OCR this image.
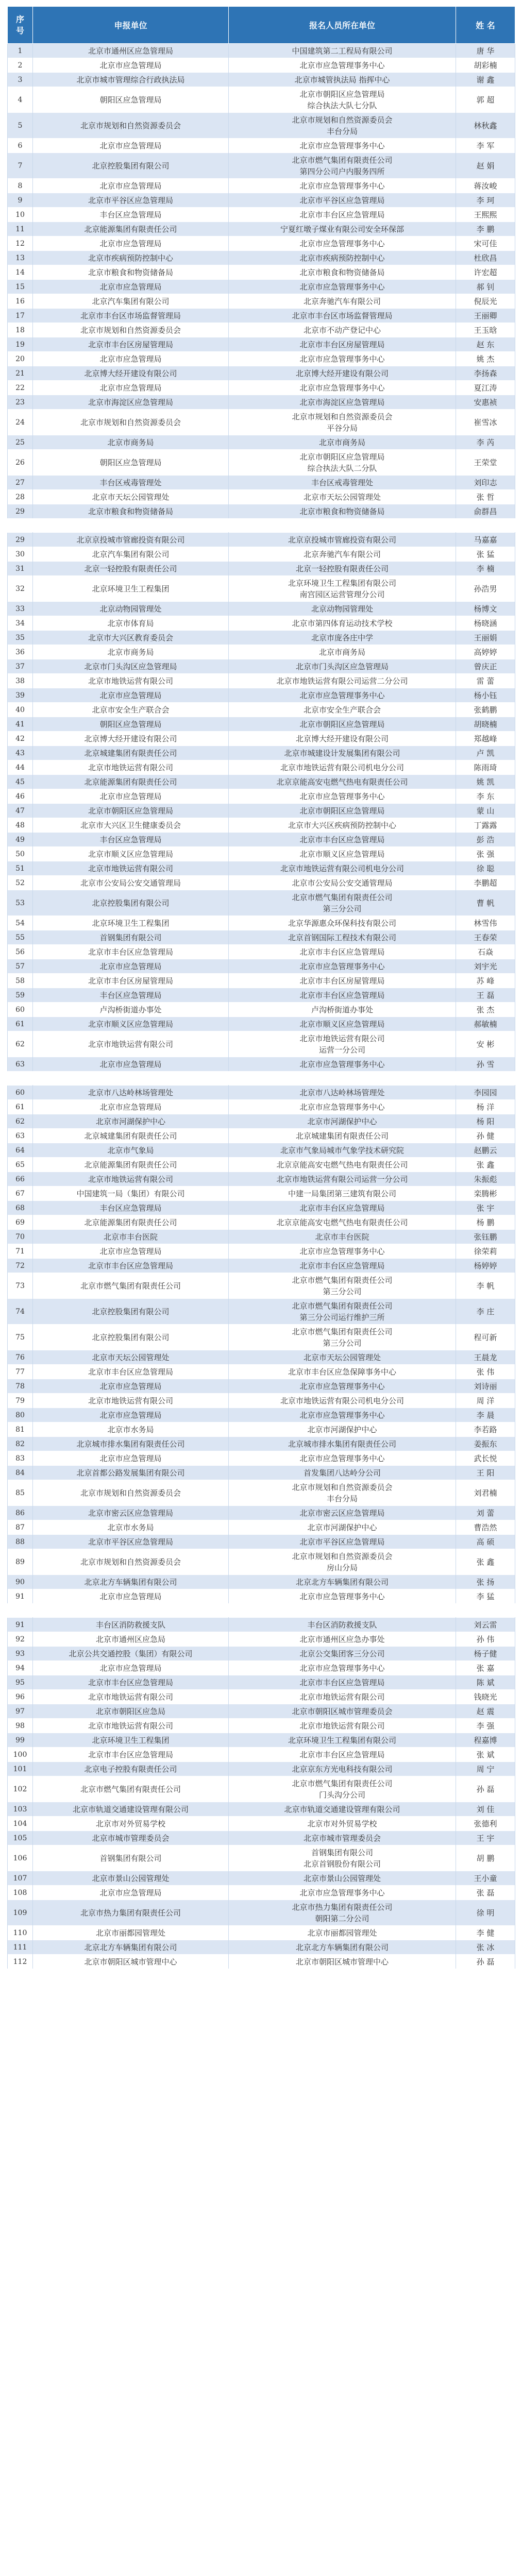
序号	申报单位	报名人员所在单位	姓 名
1	北京市通州区应急管理局	中国建筑第二工程局有限公司	唐 华
2	北京市应急管理局	北京市应急管理事务中心	胡彩楠
3	北京市城市管理综合行政执法局	北京市城管执法局 指挥中心	谢 鑫
4	朝阳区应急管理局	北京市朝阳区应急管理局
综合执法大队七分队	郭 超
5	北京市规划和自然资源委员会	北京市规划和自然资源委员会
丰台分局	林秋鑫
6	北京市应急管理局	北京市应急管理事务中心	李 军
7	北京控股集团有限公司	北京市燃气集团有限责任公司
第四分公司户内服务四所	赵 娟
8	北京市应急管理局	北京市应急管理事务中心	蒋汝峻
9	北京市平谷区应急管理局	北京市平谷区应急管理局	李 珂
10	丰台区应急管理局	北京市丰台区应急管理局	王熙熙
11	北京能源集团有限责任公司	宁夏红墩子煤业有限公司安全环保部	李 鹏
12	北京市应急管理局	北京市应急管理事务中心	宋可佳
13	北京市疾病预防控制中心	北京市疾病预防控制中心	杜欣昌
14	北京市粮食和物资储备局	北京市粮食和物资储备局	许宏超
15	北京市应急管理局	北京市应急管理事务中心	郝 钊
16	北京汽车集团有限公司	北京奔驰汽车有限公司	倪辰光
17	北京市丰台区市场监督管理局	北京市丰台区市场监督管理局	王丽卿
18	北京市规划和自然资源委员会	北京市不动产登记中心	王玉晗
19	北京市丰台区房屋管理局	北京市丰台区房屋管理局	赵 东
20	北京市应急管理局	北京市应急管理事务中心	姚 杰
21	北京博大经开建设有限公司	北京博大经开建设有限公司	李扬森
22	北京市应急管理局	北京市应急管理事务中心	夏江涛
23	北京市海淀区应急管理局	北京市海淀区应急管理局	安惠祯
24	北京市规划和自然资源委员会	北京市规划和自然资源委员会
平谷分局	崔雪冰
25	北京市商务局	北京市商务局	李 芮
26	朝阳区应急管理局	北京市朝阳区应急管理局
综合执法大队二分队	王荣堂
27	丰台区戒毒管理处	丰台区戒毒管理处	刘印志
28	北京市天坛公园管理处	北京市天坛公园管理处	张 哲
29	北京市粮食和物资储备局	北京市粮食和物资储备局	俞群昌

29	北京京投城市管廊投资有限公司	北京京投城市管廊投资有限公司	马嘉嘉
30	北京汽车集团有限公司	北京奔驰汽车有限公司	张 猛
31	北京一轻控股有限责任公司	北京一轻控股有限责任公司	李 楠
32	北京环境卫生工程集团	北京环境卫生工程集团有限公司
南宫园区运营管理分公司	孙浩男
33	北京动物园管理处	北京动物园管理处	杨博文
34	北京市体育局	北京市第四体育运动技术学校	杨晓涵
35	北京市大兴区教育委员会	北京市庞各庄中学	王丽娟
36	北京市商务局	北京市商务局	高婷婷
37	北京市门头沟区应急管理局	北京市门头沟区应急管理局	曾庆正
38	北京市地铁运营有限公司	北京市地铁运营有限公司运营二分公司	雷 蕾
39	北京市应急管理局	北京市应急管理事务中心	杨小钰
40	北京市安全生产联合会	北京市安全生产联合会	张鹤鹏
41	朝阳区应急管理局	北京市朝阳区应急管理局	胡晓楠
42	北京博大经开建设有限公司	北京博大经开建设有限公司	郑越峰
43	北京城建集团有限责任公司	北京市城建设计发展集团有限公司	卢 凯
44	北京市地铁运营有限公司	北京市地铁运营有限公司机电分公司	陈雨琦
45	北京能源集团有限责任公司	北京京能高安屯燃气热电有限责任公司	姚 凯
46	北京市应急管理局	北京市应急管理事务中心	李 东
47	北京市朝阳区应急管理局	北京市朝阳区应急管理局	蒙 山
48	北京市大兴区卫生健康委员会	北京市大兴区疾病预防控制中心	丁露露
49	丰台区应急管理局	北京市丰台区应急管理局	彭 浩
50	北京市顺义区应急管理局	北京市顺义区应急管理局	张 强
51	北京市地铁运营有限公司	北京市地铁运营有限公司机电分公司	徐 聪
52	北京市公安局公安交通管理局	北京市公安局公安交通管理局	李鹏超
53	北京控股集团有限公司	北京市燃气集团有限责任公司
第三分公司	曹 帆
54	北京环境卫生工程集团	北京华源惠众环保科技有限公司	林雪伟
55	首钢集团有限公司	北京首钢国际工程技术有限公司	王春荣
56	北京市丰台区应急管理局	北京市丰台区应急管理局	石焱
57	北京市应急管理局	北京市应急管理事务中心	刘宇光
58	北京市丰台区房屋管理局	北京市丰台区房屋管理局	苏 峰
59	丰台区应急管理局	北京市丰台区应急管理局	王 磊
60	卢沟桥街道办事处	卢沟桥街道办事处	张 杰
61	北京市顺义区应急管理局	北京市顺义区应急管理局	郝敏楠
62	北京市地铁运营有限公司	北京市地铁运营有限公司
运营一分公司	安 彬
63	北京市应急管理局	北京市应急管理事务中心	孙 雪

60	北京市八达岭林场管理处	北京市八达岭林场管理处	李园园
61	北京市应急管理局	北京市应急管理事务中心	杨 洋
62	北京市河湖保护中心	北京市河湖保护中心	杨 阳
63	北京城建集团有限责任公司	北京城建集团有限责任公司	孙 健
64	北京市气象局	北京市气象局城市气象学技术研究院	赵鹏云
65	北京能源集团有限责任公司	北京京能高安屯燃气热电有限责任公司	张 鑫
66	北京市地铁运营有限公司	北京市地铁运营有限公司运营一分公司	朱振彪
67	中国建筑一局（集团）有限公司	中建一局集团第三建筑有限公司	栾腾彬
68	丰台区应急管理局	北京市丰台区应急管理局	张 宇
69	北京能源集团有限责任公司	北京京能高安屯燃气热电有限责任公司	杨 鹏
70	北京市丰台医院	北京市丰台医院	张钰鹏
71	北京市应急管理局	北京市应急管理事务中心	徐荣莉
72	北京市丰台区应急管理局	北京市丰台区应急管理局	杨婷婷
73	北京市燃气集团有限责任公司	北京市燃气集团有限责任公司
第三分公司	李 帆
74	北京控股集团有限公司	北京市燃气集团有限责任公司
第三分公司运行维护三所	李 庄
75	北京控股集团有限公司	北京市燃气集团有限责任公司
第三分公司	程可新
76	北京市天坛公园管理处	北京市天坛公园管理处	王晨龙
77	北京市丰台区应急管理局	北京市丰台区应急保障事务中心	张 伟
78	北京市应急管理局	北京市应急管理事务中心	刘诗丽
79	北京市地铁运营有限公司	北京市地铁运营有限公司机电分公司	周 洋
80	北京市应急管理局	北京市应急管理事务中心	李 晨
81	北京市水务局	北京市河湖保护中心	李若路
82	北京城市排水集团有限责任公司	北京城市排水集团有限责任公司	姜振东
83	北京市应急管理局	北京市应急管理事务中心	武长悦
84	北京首都公路发展集团有限公司	首发集团八达岭分公司	王 阳
85	北京市规划和自然资源委员会	北京市规划和自然资源委员会
丰台分局	刘君楠
86	北京市密云区应急管理局	北京市密云区应急管理局	刘 蕾
87	北京市水务局	北京市河湖保护中心	曹浩然
88	北京市平谷区应急管理局	北京市平谷区应急管理局	高 硕
89	北京市规划和自然资源委员会	北京市规划和自然资源委员会
房山分局	张 鑫
90	北京北方车辆集团有限公司	北京北方车辆集团有限公司	张 扬
91	北京市应急管理局	北京市应急管理事务中心	李 猛

91	丰台区消防救援支队	丰台区消防救援支队	刘云雷
92	北京市通州区应急局	北京市通州区应急办事处	孙 伟
93	北京公共交通控股（集团）有限公司	北京公交集团客三分公司	杨子健
94	北京市应急管理局	北京市应急管理事务中心	张 嘉
95	北京市丰台区应急管理局	北京市丰台区应急管理局	陈 斌
96	北京市地铁运营有限公司	北京市地铁运营有限公司	钱晓光
97	北京市朝阳区应急局	北京市朝阳区城市管理委员会	赵 震
98	北京市地铁运营有限公司	北京市地铁运营有限公司	李 强
99	北京环境卫生工程集团	北京环境卫生工程集团有限公司	程嘉博
100	北京市丰台区应急管理局	北京市丰台区应急管理局	张 斌
101	北京电子控股有限责任公司	北京京东方光电科技有限公司	周 宁
102	北京市燃气集团有限责任公司	北京市燃气集团有限责任公司
门头沟分公司	孙 磊
103	北京市轨道交通建设管理有限公司	北京市轨道交通建设管理有限公司	刘 佳
104	北京市对外贸易学校	北京市对外贸易学校	张德利
105	北京市城市管理委员会	北京市城市管理委员会	王 宇
106	首钢集团有限公司	首钢集团有限公司
北京首钢股份有限公司	胡 鹏
107	北京市景山公园管理处	北京市景山公园管理处	王小童
108	北京市应急管理局	北京市应急管理事务中心	张 磊
109	北京市热力集团有限责任公司	北京市热力集团有限责任公司
朝阳第二分公司	徐 明
110	北京市丽都园管理处	北京市丽都园管理处	李 健
111	北京北方车辆集团有限公司	北京北方车辆集团有限公司	张 冰
112	北京市朝阳区城市管理中心	北京市朝阳区城市管理中心	孙 磊
